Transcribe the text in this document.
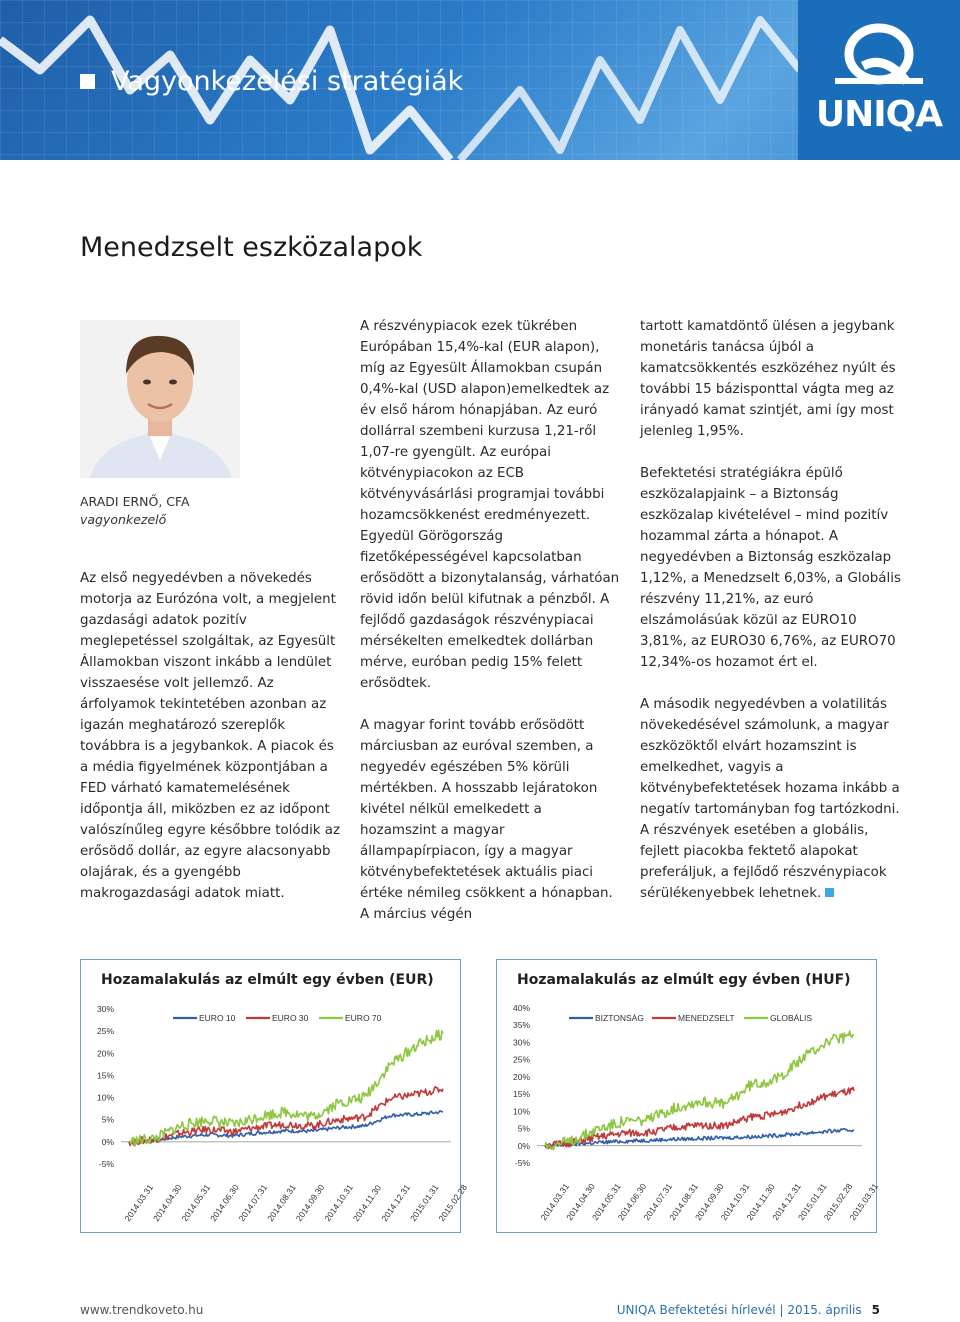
Vagyonkezelési stratégiák
UNIQA
Menedzselt eszközalapok
ARADI ERNŐ, CFA
vagyonkezelő

Az első negyedévben a növekedés motorja az Eurózóna volt, a megjelent gazdasági adatok pozitív meglepetéssel szolgáltak, az Egyesült Államokban viszont inkább a lendület visszaesése volt jellemző. Az árfolyamok tekintetében azonban az igazán meghatározó szereplők továbbra is a jegybankok. A piacok és a média figyelmének központjában a FED várható kamatemelésének időpontja áll, miközben ez az időpont valószínűleg egyre későbbre tolódik az erősödő dollár, az egyre alacsonyabb olajárak, és a gyengébb makrogazdasági adatok miatt.

A részvénypiacok ezek tükrében Európában 15,4%-kal (EUR alapon), míg az Egyesült Államokban csupán 0,4%-kal (USD alapon)emelkedtek az év első három hónapjában. Az euró dollárral szembeni kurzusa 1,21-ről 1,07-re gyengült. Az európai kötvénypiacokon az ECB kötvényvásárlási programjai további hozamcsökkenést eredményezett. Egyedül Görögország fizetőképességével kapcsolatban erősödött a bizonytalanság, várhatóan rövid időn belül kifutnak a pénzből. A fejlődő gazdaságok részvénypiacai mérsékelten emelkedtek dollárban mérve, euróban pedig 15% felett erősödtek.

A magyar forint tovább erősödött márciusban az euróval szemben, a negyedév egészében 5% körüli mértékben. A hosszabb lejáratokon kivétel nélkül emelkedett a hozamszint a magyar állampapírpiacon, így a magyar kötvénybefektetések aktuális piaci értéke némileg csökkent a hónapban. A március végén

tartott kamatdöntő ülésen a jegybank monetáris tanácsa újból a kamatcsökkentés eszközéhez nyúlt és további 15 bázisponttal vágta meg az irányadó kamat szintjét, ami így most jelenleg 1,95%.

Befektetési stratégiákra épülő eszközalapjaink – a Biztonság eszközalap kivételével – mind pozitív hozammal zárta a hónapot. A negyedévben a Biztonság eszközalap 1,12%, a Menedzselt 6,03%, a Globális részvény 11,21%, az euró elszámolásúak közül az EURO10 3,81%, az EURO30 6,76%, az EURO70 12,34%-os hozamot ért el.

A második negyedévben a volatilitás növekedésével számolunk, a magyar eszközöktől elvárt hozamszint is emelkedhet, vagyis a kötvénybefektetések hozama inkább a negatív tartományban fog tartózkodni. A részvények esetében a globális, fejlett piacokba fektető alapokat preferáljuk, a fejlődő részvénypiacok sérülékenyebbek lehetnek.

Hozamalakulás az elmúlt egy évben (EUR)
30%
25%
20%
15%
10%
5%
0%
-5%
2014.03.31
2014.04.30
2014.05.31
2014.06.30
2014.07.31
2014.08.31
2014.09.30
2014.10.31
2014.11.30
2014.12.31
2015.01.31
2015.02.28
EURO 10	EURO 30	EURO 70
Hozamalakulás az elmúlt egy évben (HUF)
40%
35%
30%
25%
20%
15%
10%
5%
0%
-5%
2014.03.31
2014.04.30
2014.05.31
2014.06.30
2014.07.31
2014.08.31
2014.09.30
2014.10.31
2014.11.30
2014.12.31
2015.01.31
2015.02.28
2015.03.31
BIZTONSÁG	MENEDZSELT	GLOBÁLIS
www.trendkoveto.hu	UNIQA Befektetési hírlevél | 2015. április 5
